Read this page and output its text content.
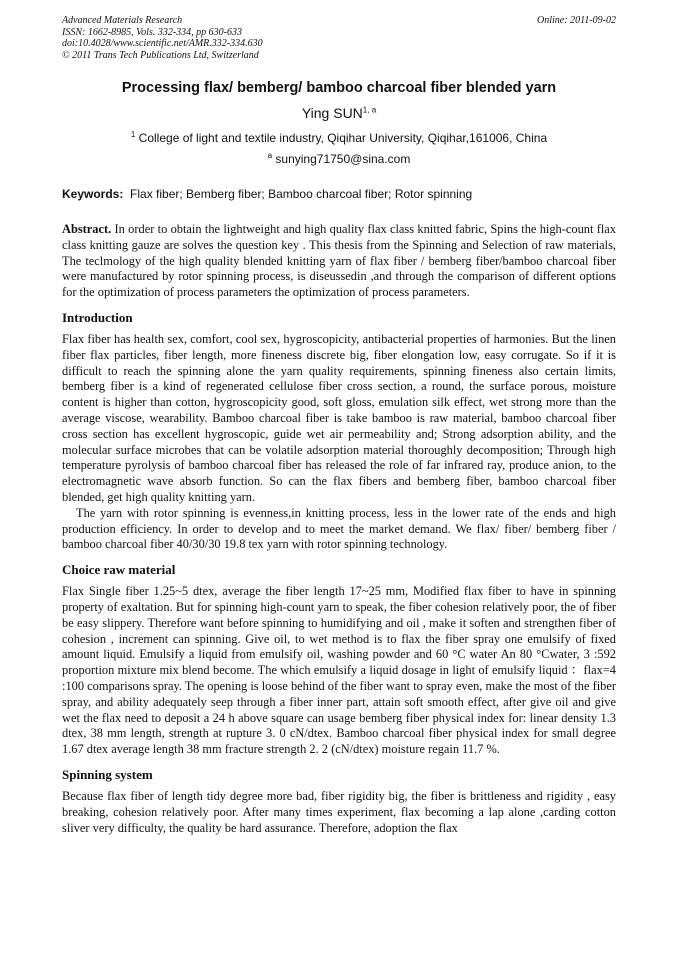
Advanced Materials Research
ISSN: 1662-8985, Vols. 332-334, pp 630-633
doi:10.4028/www.scientific.net/AMR.332-334.630
© 2011 Trans Tech Publications Ltd, Switzerland
Online: 2011-09-02
Processing flax/ bemberg/ bamboo charcoal fiber blended yarn
Ying SUN$^{1, a}$
$^1$ College of light and textile industry, Qiqihar University, Qiqihar,161006, China
$^a$ sunying71750@sina.com
Keywords: Flax fiber; Bemberg fiber; Bamboo charcoal fiber; Rotor spinning

Abstract. In order to obtain the lightweight and high quality flax class knitted fabric, Spins the high-count flax class knitting gauze are solves the question key . This thesis from the Spinning and Selection of raw materials, The teclmology of the high quality blended knitting yarn of flax fiber / bemberg fiber/bamboo charcoal fiber were manufactured by rotor spinning process, is diseussedin ,and through the comparison of different options for the optimization of process parameters the optimization of process parameters.

Introduction

Flax fiber has health sex, comfort, cool sex, hygroscopicity, antibacterial properties of harmonies. But the linen fiber flax particles, fiber length, more fineness discrete big, fiber elongation low, easy corrugate. So if it is difficult to reach the spinning alone the yarn quality requirements, spinning fineness also certain limits, bemberg fiber is a kind of regenerated cellulose fiber cross section, a round, the surface porous, moisture content is higher than cotton, hygroscopicity good, soft gloss, emulation silk effect, wet strong more than the average viscose, wearability. Bamboo charcoal fiber is take bamboo is raw material, bamboo charcoal fiber cross section has excellent hygroscopic, guide wet air permeability and; Strong adsorption ability, and the molecular surface microbes that can be volatile adsorption material thoroughly decomposition; Through high temperature pyrolysis of bamboo charcoal fiber has released the role of far infrared ray, produce anion, to the electromagnetic wave absorb function. So can the flax fibers and bemberg fiber, bamboo charcoal fiber blended, get high quality knitting yarn.

The yarn with rotor spinning is evenness,in knitting process, less in the lower rate of the ends and high production efficiency. In order to develop and to meet the market demand. We flax/ fiber/ bemberg fiber / bamboo charcoal fiber 40/30/30 19.8 tex yarn with rotor spinning technology.

Choice raw material

Flax Single fiber 1.25~5 dtex, average the fiber length 17~25 mm, Modified flax fiber to have in spinning property of exaltation. But for spinning high-count yarn to speak, the fiber cohesion relatively poor, the of fiber be easy slippery. Therefore want before spinning to humidifying and oil , make it soften and strengthen fiber of cohesion , increment can spinning. Give oil, to wet method is to flax the fiber spray one emulsify of fixed amount liquid. Emulsify a liquid from emulsify oil, washing powder and 60 °C water An 80 °Cwater, 3 :592 proportion mixture mix blend become. The which emulsify a liquid dosage in light of emulsify liquid ：flax=4 :100 comparisons spray. The opening is loose behind of the fiber want to spray even, make the most of the fiber spray, and ability adequately seep through a fiber inner part, attain soft smooth effect, after give oil and give wet the flax need to deposit a 24 h above square can usage bemberg fiber physical index for: linear density 1.3 dtex, 38 mm length, strength at rupture 3. 0 cN/dtex. Bamboo charcoal fiber physical index for small degree 1.67 dtex average length 38 mm fracture strength 2. 2 (cN/dtex) moisture regain 11.7 %.

Spinning system

Because flax fiber of length tidy degree more bad, fiber rigidity big, the fiber is brittleness and rigidity , easy breaking, cohesion relatively poor. After many times experiment, flax becoming a lap alone ,carding cotton sliver very difficulty, the quality be hard assurance. Therefore, adoption the flax
